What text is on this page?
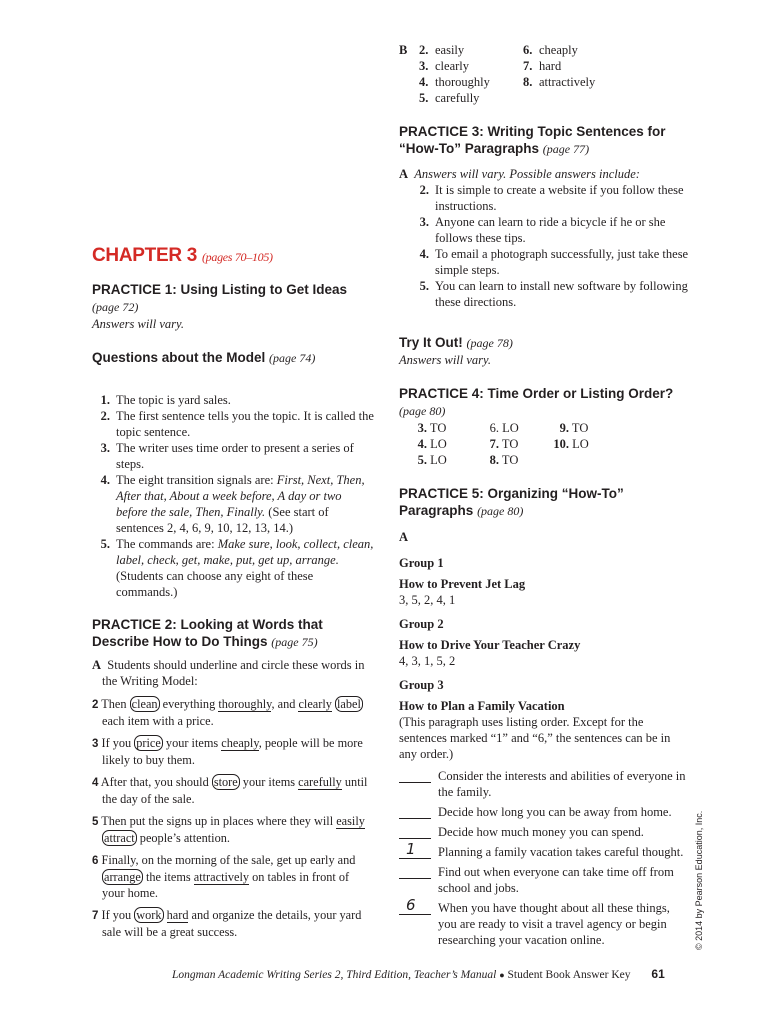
CHAPTER 3 (pages 70–105)
PRACTICE 1: Using Listing to Get Ideas (page 72)
Answers will vary.
Questions about the Model (page 74)
1. The topic is yard sales.
2. The first sentence tells you the topic. It is called the topic sentence.
3. The writer uses time order to present a series of steps.
4. The eight transition signals are: First, Next, Then, After that, About a week before, A day or two before the sale, Then, Finally. (See start of sentences 2, 4, 6, 9, 10, 12, 13, 14.)
5. The commands are: Make sure, look, collect, clean, label, check, get, make, put, get up, arrange. (Students can choose any eight of these commands.)
PRACTICE 2: Looking at Words that Describe How to Do Things (page 75)
A Students should underline and circle these words in the Writing Model:
2 Then clean everything thoroughly, and clearly label each item with a price.
3 If you price your items cheaply, people will be more likely to buy them.
4 After that, you should store your items carefully until the day of the sale.
5 Then put the signs up in places where they will easily attract people’s attention.
6 Finally, on the morning of the sale, get up early and arrange the items attractively on tables in front of your home.
7 If you work hard and organize the details, your yard sale will be a great success.
B 2. easily
3. clearly
4. thoroughly
5. carefully
6. cheaply
7. hard
8. attractively
PRACTICE 3: Writing Topic Sentences for “How-To” Paragraphs (page 77)
A Answers will vary. Possible answers include:
2. It is simple to create a website if you follow these instructions.
3. Anyone can learn to ride a bicycle if he or she follows these tips.
4. To email a photograph successfully, just take these simple steps.
5. You can learn to install new software by following these directions.
Try It Out! (page 78)
Answers will vary.
PRACTICE 4: Time Order or Listing Order? (page 80)
3. TO	6. LO	9. TO
4. LO	7. TO	10. LO
5. LO	8. TO
PRACTICE 5: Organizing “How-To” Paragraphs (page 80)
A
Group 1
How to Prevent Jet Lag
3, 5, 2, 4, 1
Group 2
How to Drive Your Teacher Crazy
4, 3, 1, 5, 2
Group 3
How to Plan a Family Vacation
(This paragraph uses listing order. Except for the sentences marked “1” and “6,” the sentences can be in any order.)
Consider the interests and abilities of everyone in the family.
Decide how long you can be away from home.
Decide how much money you can spend.
1 Planning a family vacation takes careful thought.
Find out when everyone can take time off from school and jobs.
6 When you have thought about all these things, you are ready to visit a travel agency or begin researching your vacation online.	© 2014 by Pearson Education, Inc.
Longman Academic Writing Series 2, Third Edition, Teacher’s Manual ● Student Book Answer Key 61
